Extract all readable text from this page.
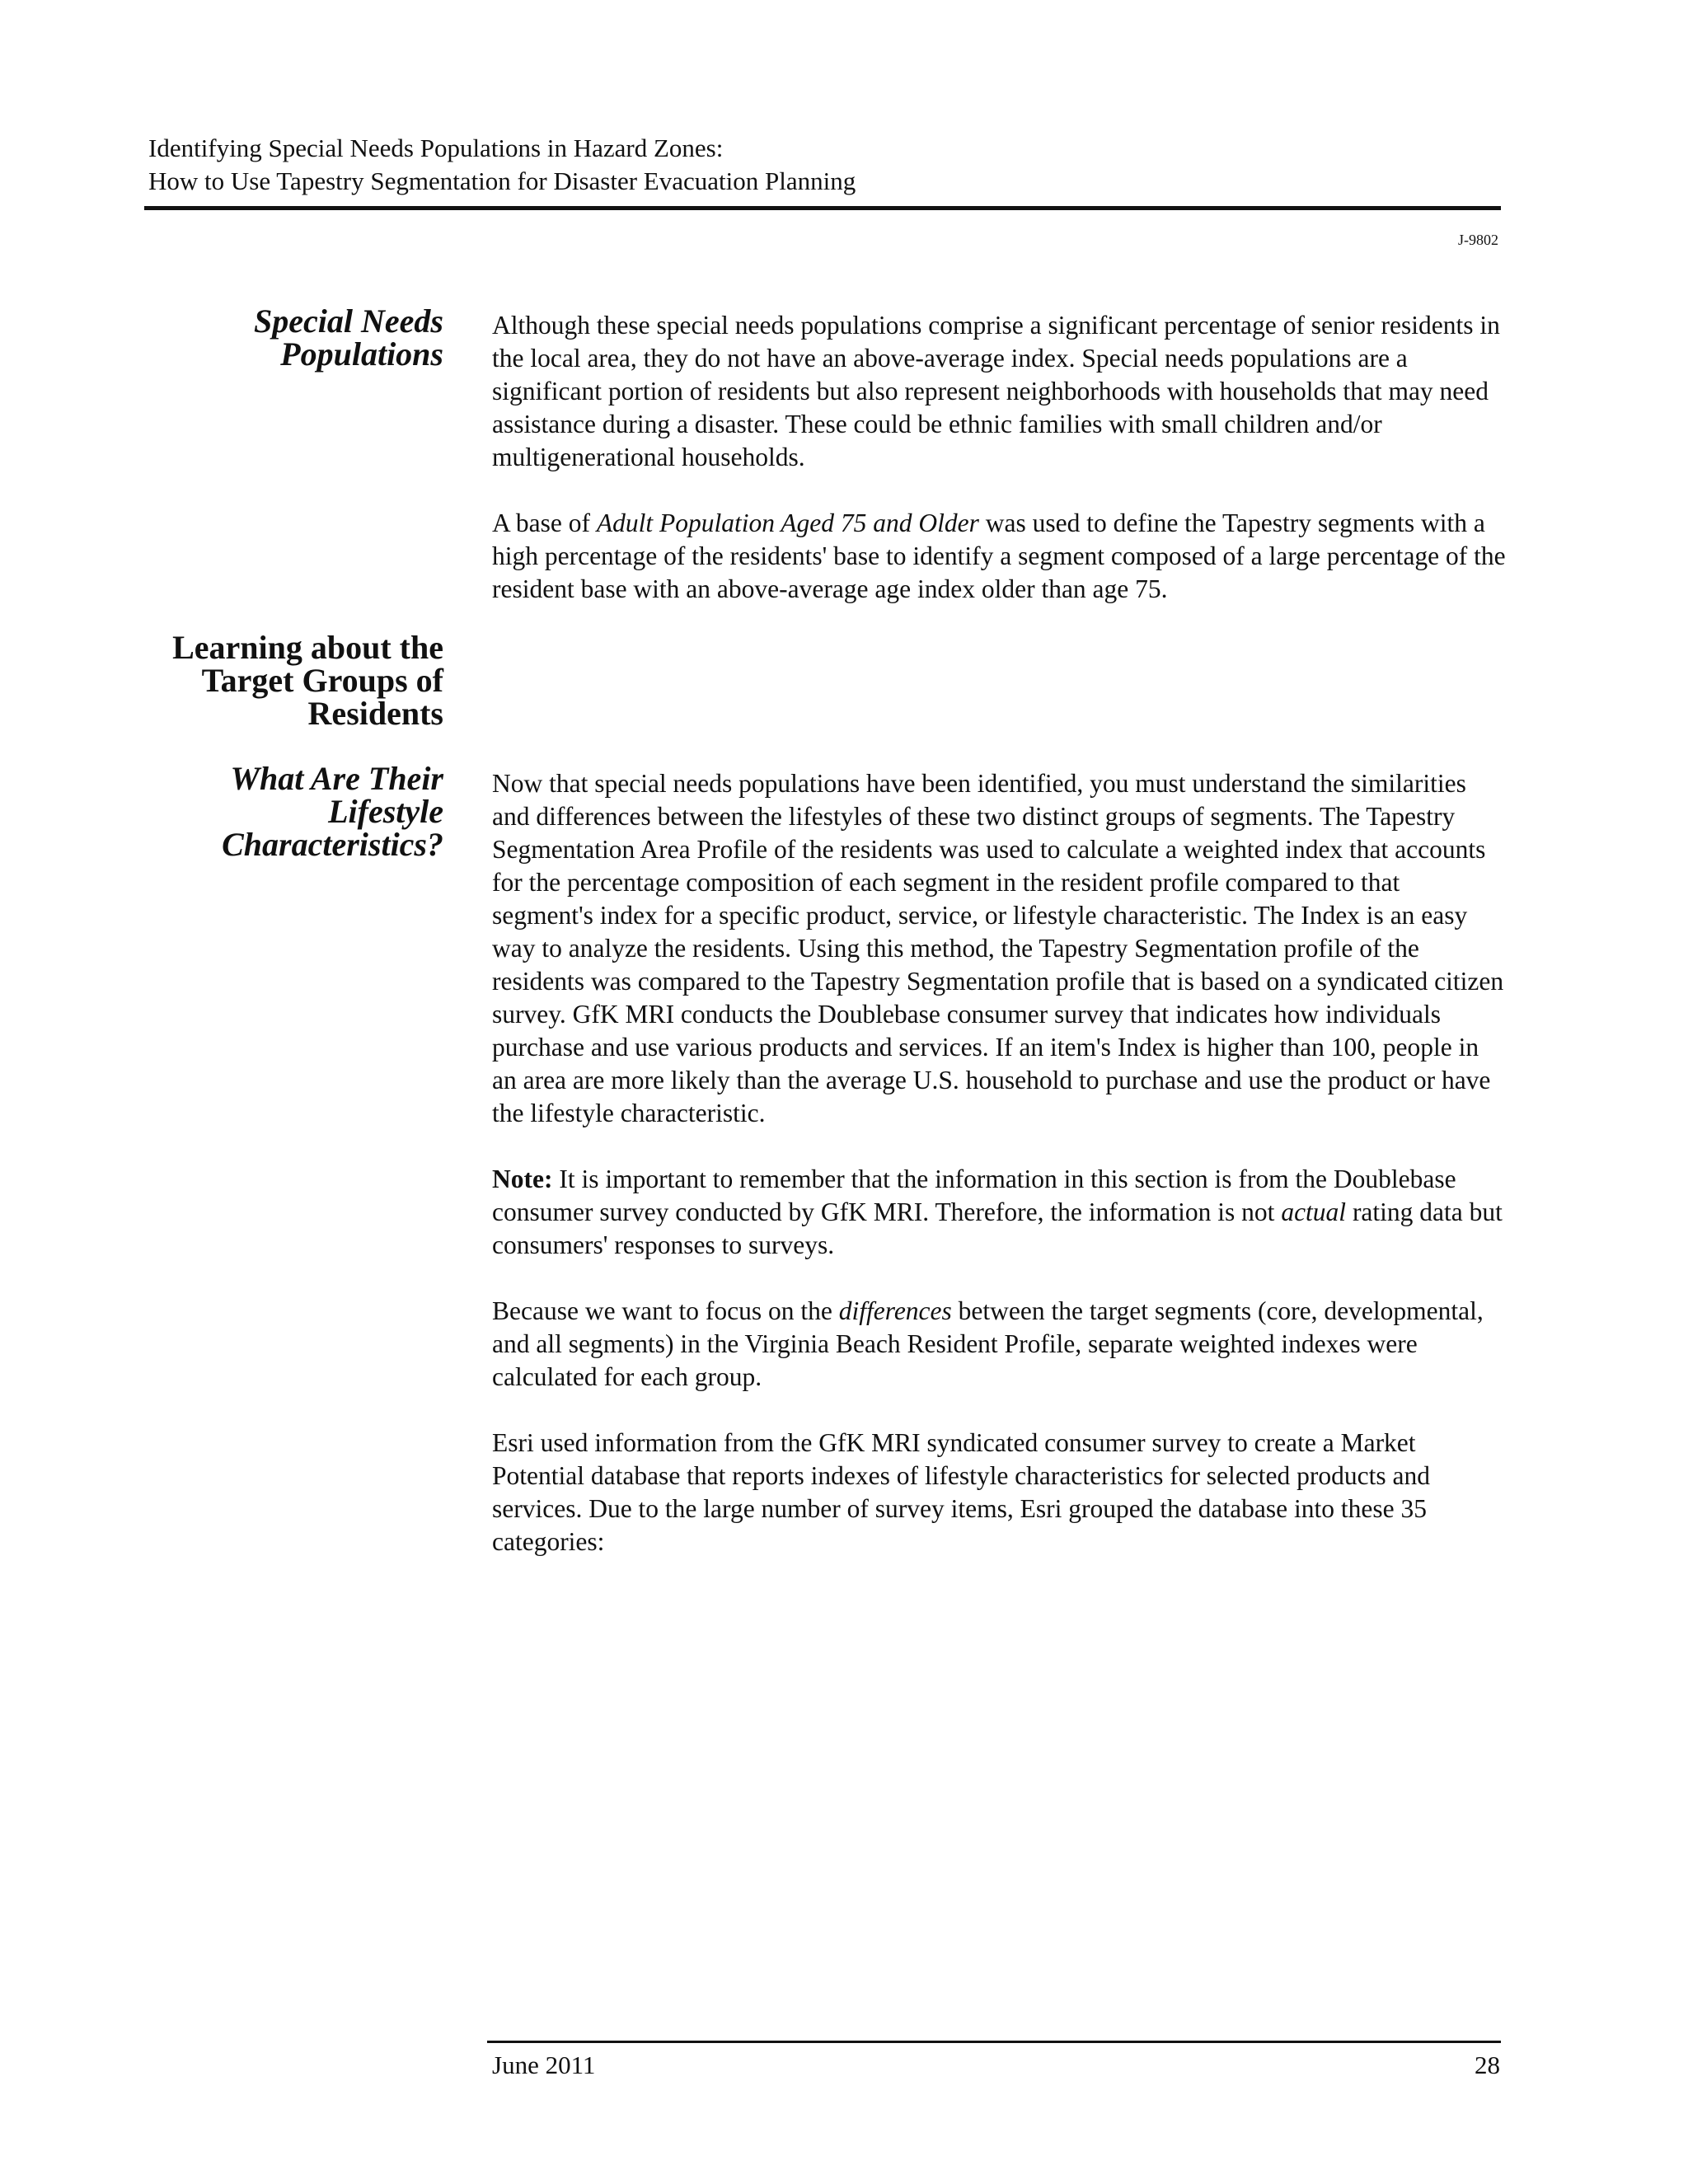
Identifying Special Needs Populations in Hazard Zones:
How to Use Tapestry Segmentation for Disaster Evacuation Planning
J-9802
Special Needs
Populations

Although these special needs populations comprise a significant percentage of senior residents in the local area, they do not have an above-average index. Special needs populations are a significant portion of residents but also represent neighborhoods with households that may need assistance during a disaster. These could be ethnic families with small children and/or multigenerational households.

A base of Adult Population Aged 75 and Older was used to define the Tapestry segments with a high percentage of the residents' base to identify a segment composed of a large percentage of the resident base with an above-average age index older than age 75.

Learning about the
Target Groups of
Residents
What Are Their
Lifestyle
Characteristics?

Now that special needs populations have been identified, you must understand the similarities and differences between the lifestyles of these two distinct groups of segments. The Tapestry Segmentation Area Profile of the residents was used to calculate a weighted index that accounts for the percentage composition of each segment in the resident profile compared to that segment's index for a specific product, service, or lifestyle characteristic. The Index is an easy way to analyze the residents. Using this method, the Tapestry Segmentation profile of the residents was compared to the Tapestry Segmentation profile that is based on a syndicated citizen survey. GfK MRI conducts the Doublebase consumer survey that indicates how individuals purchase and use various products and services. If an item's Index is higher than 100, people in an area are more likely than the average U.S. household to purchase and use the product or have the lifestyle characteristic.

Note: It is important to remember that the information in this section is from the Doublebase consumer survey conducted by GfK MRI. Therefore, the information is not actual rating data but consumers' responses to surveys.

Because we want to focus on the differences between the target segments (core, developmental, and all segments) in the Virginia Beach Resident Profile, separate weighted indexes were calculated for each group.

Esri used information from the GfK MRI syndicated consumer survey to create a Market Potential database that reports indexes of lifestyle characteristics for selected products and services. Due to the large number of survey items, Esri grouped the database into these 35 categories:

June 2011	28
